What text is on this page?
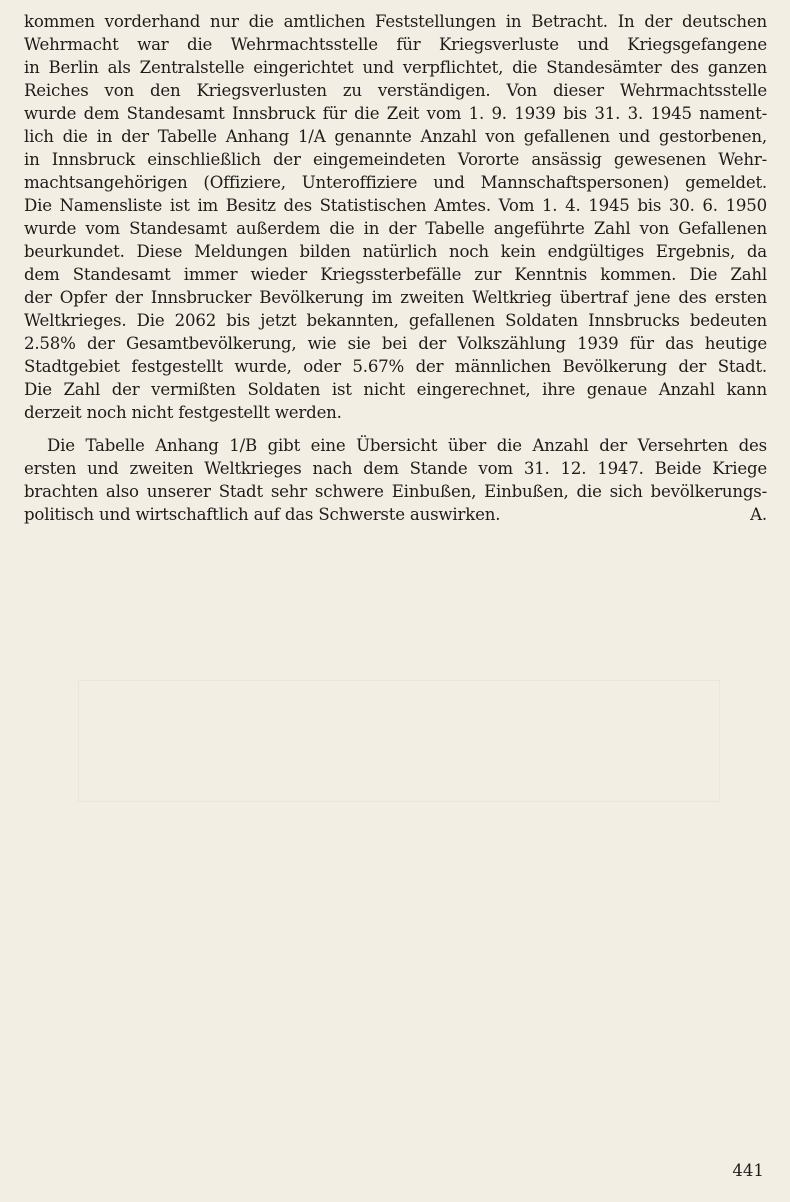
kommen vorderhand nur die amtlichen Feststellungen in Betracht. In der deutschen
Wehrmacht war die Wehrmachtsstelle für Kriegsverluste und Kriegsgefangene
in Berlin als Zentralstelle eingerichtet und verpflichtet, die Standesämter des ganzen
Reiches von den Kriegsverlusten zu verständigen. Von dieser Wehrmachtsstelle
wurde dem Standesamt Innsbruck für die Zeit vom 1. 9. 1939 bis 31. 3. 1945 nament-
lich die in der Tabelle Anhang 1/A genannte Anzahl von gefallenen und gestorbenen,
in Innsbruck einschließlich der eingemeindeten Vororte ansässig gewesenen Wehr-
machtsangehörigen (Offiziere, Unteroffiziere und Mannschaftspersonen) gemeldet.
Die Namensliste ist im Besitz des Statistischen Amtes. Vom 1. 4. 1945 bis 30. 6. 1950
wurde vom Standesamt außerdem die in der Tabelle angeführte Zahl von Gefallenen
beurkundet. Diese Meldungen bilden natürlich noch kein endgültiges Ergebnis, da
dem Standesamt immer wieder Kriegssterbefälle zur Kenntnis kommen. Die Zahl
der Opfer der Innsbrucker Bevölkerung im zweiten Weltkrieg übertraf jene des ersten
Weltkrieges. Die 2062 bis jetzt bekannten, gefallenen Soldaten Innsbrucks bedeuten
2.58% der Gesamtbevölkerung, wie sie bei der Volkszählung 1939 für das heutige
Stadtgebiet festgestellt wurde, oder 5.67% der männlichen Bevölkerung der Stadt.
Die Zahl der vermißten Soldaten ist nicht eingerechnet, ihre genaue Anzahl kann
derzeit noch nicht festgestellt werden.
Die Tabelle Anhang 1/B gibt eine Übersicht über die Anzahl der Versehrten des
ersten und zweiten Weltkrieges nach dem Stande vom 31. 12. 1947. Beide Kriege
brachten also unserer Stadt sehr schwere Einbußen, Einbußen, die sich bevölkerungs-
politisch und wirtschaftlich auf das Schwerste auswirken.	A.
441
